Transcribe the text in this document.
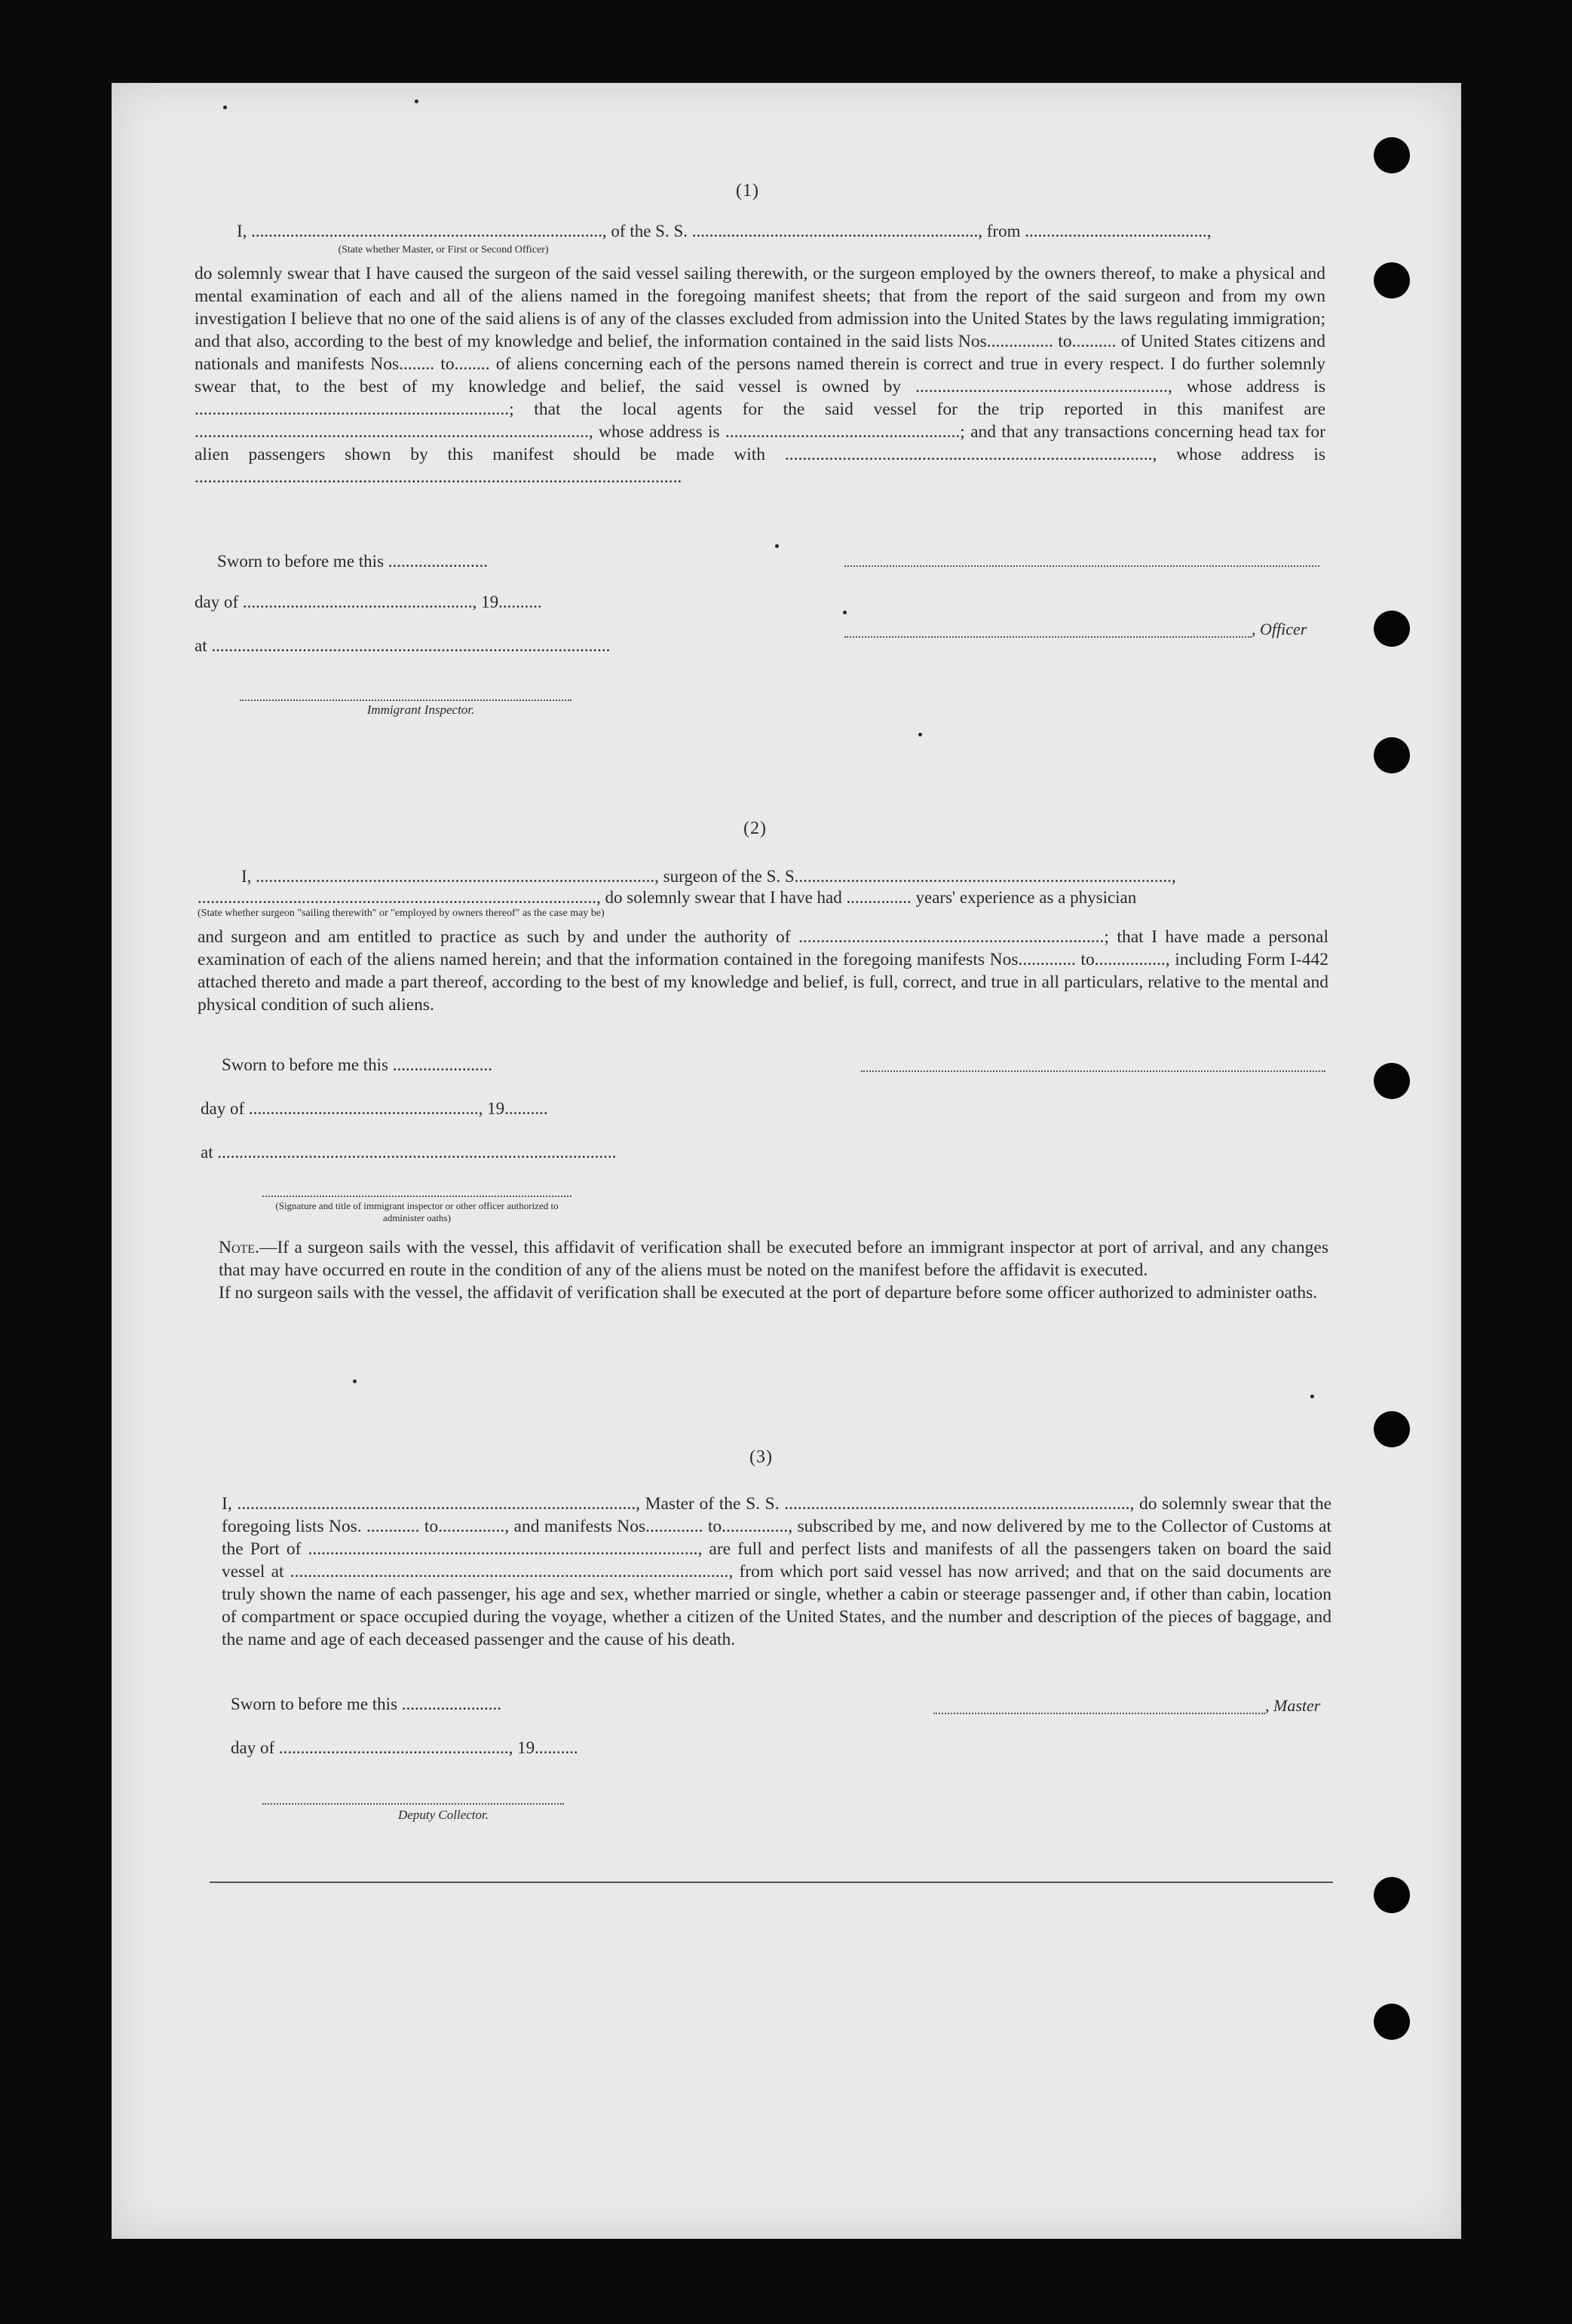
(1)
I, ................................................................................., of the S. S. .................................................................., from ..........................................,
(State whether Master, or First or Second Officer)

do solemnly swear that I have caused the surgeon of the said vessel sailing therewith, or the surgeon employed by the owners thereof, to make a physical and mental examination of each and all of the aliens named in the foregoing manifest sheets; that from the report of the said surgeon and from my own investigation I believe that no one of the said aliens is of any of the classes excluded from admission into the United States by the laws regulating immigration; and that also, according to the best of my knowledge and belief, the information contained in the said lists Nos............... to.......... of United States citizens and nationals and manifests Nos........ to........ of aliens concerning each of the persons named therein is correct and true in every respect. I do further solemnly swear that, to the best of my knowledge and belief, the said vessel is owned by ........................................................., whose address is .......................................................................; that the local agents for the said vessel for the trip reported in this manifest are ........................................................................................., whose address is .....................................................; and that any transactions concerning head tax for alien passengers shown by this manifest should be made with ..................................................................................., whose address is ..............................................................................................................

Sworn to before me this .......................
day of ....................................................., 19..........
, Officer
at ............................................................................................
Immigrant Inspector.
(2)
I, ............................................................................................, surgeon of the S. S.......................................................................................,
............................................................................................, do solemnly swear that I have had ............... years' experience as a physician
(State whether surgeon "sailing therewith" or "employed by owners thereof" as the case may be)

and surgeon and am entitled to practice as such by and under the authority of .....................................................................; that I have made a personal examination of each of the aliens named herein; and that the information contained in the foregoing manifests Nos............. to................, including Form I-442 attached thereto and made a part thereof, according to the best of my knowledge and belief, is full, correct, and true in all particulars, relative to the mental and physical condition of such aliens.

Sworn to before me this .......................
day of ....................................................., 19..........
at ............................................................................................
(Signature and title of immigrant inspector or other officer authorized to administer oaths)

Note.—If a surgeon sails with the vessel, this affidavit of verification shall be executed before an immigrant inspector at port of arrival, and any changes that may have occurred en route in the condition of any of the aliens must be noted on the manifest before the affidavit is executed.

If no surgeon sails with the vessel, the affidavit of verification shall be executed at the port of departure before some officer authorized to administer oaths.

(3)

I, .........................................................................................., Master of the S. S. .............................................................................., do solemnly swear that the foregoing lists Nos. ............ to..............., and manifests Nos............. to..............., subscribed by me, and now delivered by me to the Collector of Customs at the Port of ........................................................................................, are full and perfect lists and manifests of all the passengers taken on board the said vessel at ..................................................................................................., from which port said vessel has now arrived; and that on the said documents are truly shown the name of each passenger, his age and sex, whether married or single, whether a cabin or steerage passenger and, if other than cabin, location of compartment or space occupied during the voyage, whether a citizen of the United States, and the number and description of the pieces of baggage, and the name and age of each deceased passenger and the cause of his death.

Sworn to before me this .......................	, Master
day of ....................................................., 19..........
Deputy Collector.
